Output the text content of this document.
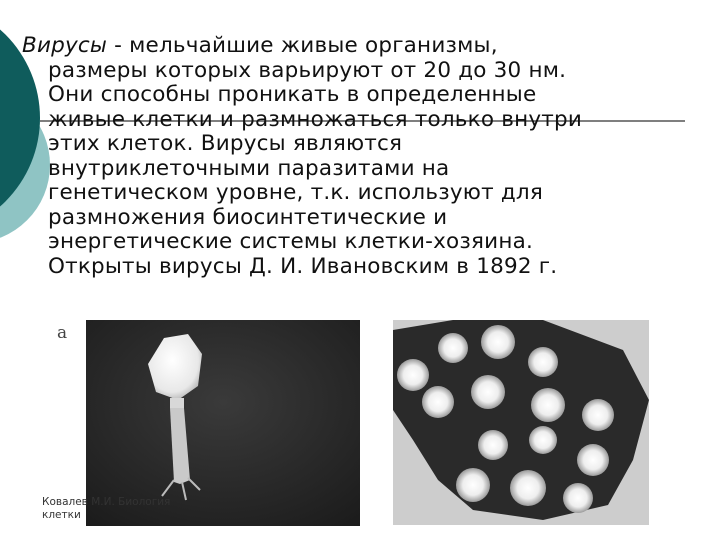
Вирусы - мельчайшие живые организмы,
размеры которых варьируют от 20 до 30 нм.
Они способны проникать в определенные
живые клетки и размножаться только внутри
этих клеток. Вирусы являются
внутриклеточными паразитами на
генетическом уровне, т.к. используют для
размножения биосинтетические и
энергетические системы клетки-хозяина.
Открыты вирусы Д. И. Ивановским в 1892 г.
а
Ковалев М.И. Биология
клетки
